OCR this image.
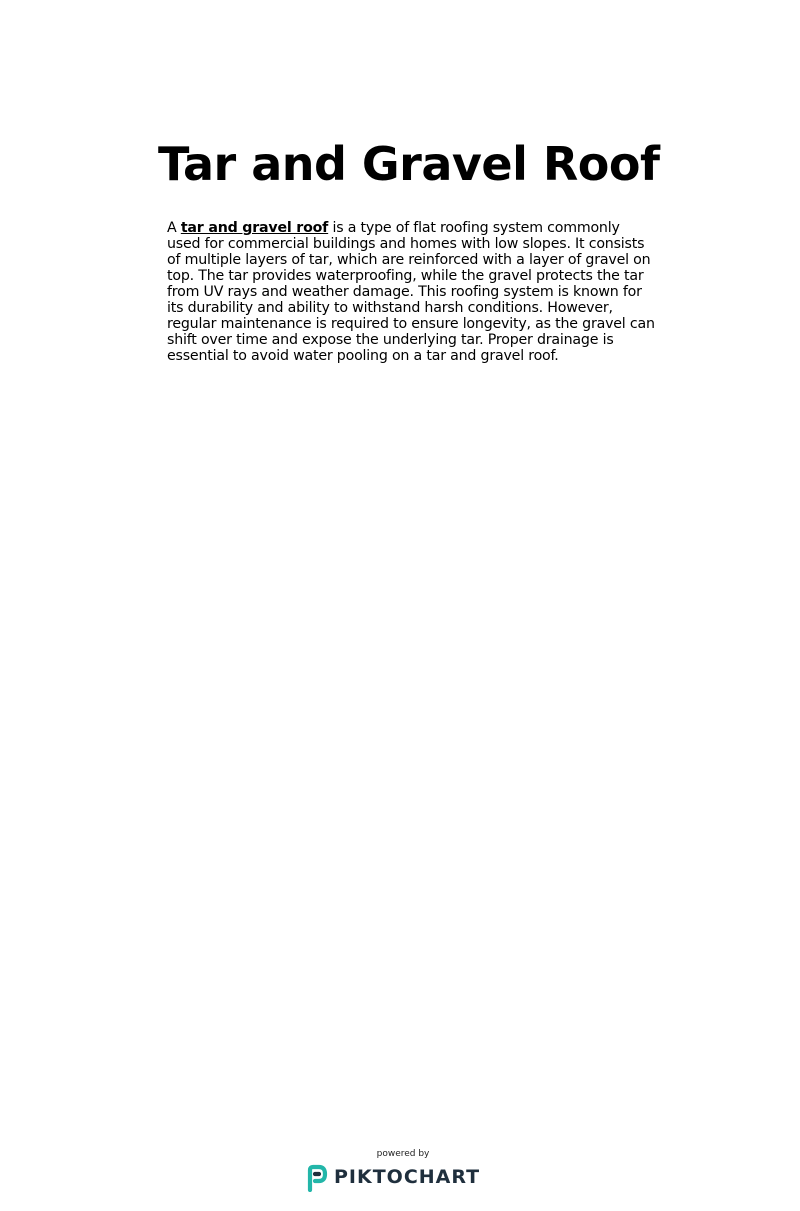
Tar and Gravel Roof

A tar and gravel roof is a type of flat roofing system commonly used for commercial buildings and homes with low slopes. It consists of multiple layers of tar, which are reinforced with a layer of gravel on top. The tar provides waterproofing, while the gravel protects the tar from UV rays and weather damage. This roofing system is known for its durability and ability to withstand harsh conditions. However, regular maintenance is required to ensure longevity, as the gravel can shift over time and expose the underlying tar. Proper drainage is essential to avoid water pooling on a tar and gravel roof.

powered by
PIKTOCHART
